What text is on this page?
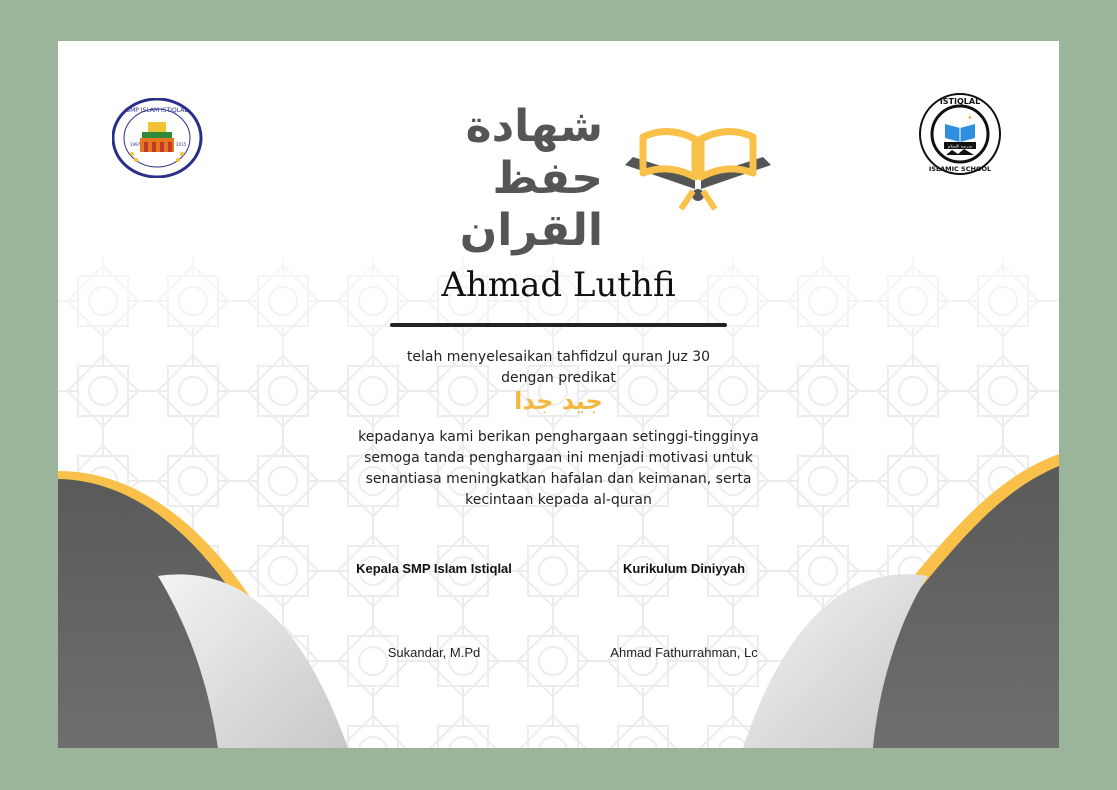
SMP ISLAM ISTIQLAL
1997	2015
ISTIQLAL
ISLAMIC SCHOOL
مدرسة الإسلام
✦
شهادة
حفظ القران
Ahmad Luthfi
telah menyelesaikan tahfidzul quran Juz 30
dengan predikat
جيد جدا
kepadanya kami berikan penghargaan setinggi-tingginya
semoga tanda penghargaan ini menjadi motivasi untuk
senantiasa meningkatkan hafalan dan keimanan, serta
kecintaan kepada al-quran
Kepala SMP Islam Istiqlal	Kurikulum Diniyyah
Sukandar, M.Pd	Ahmad Fathurrahman, Lc
